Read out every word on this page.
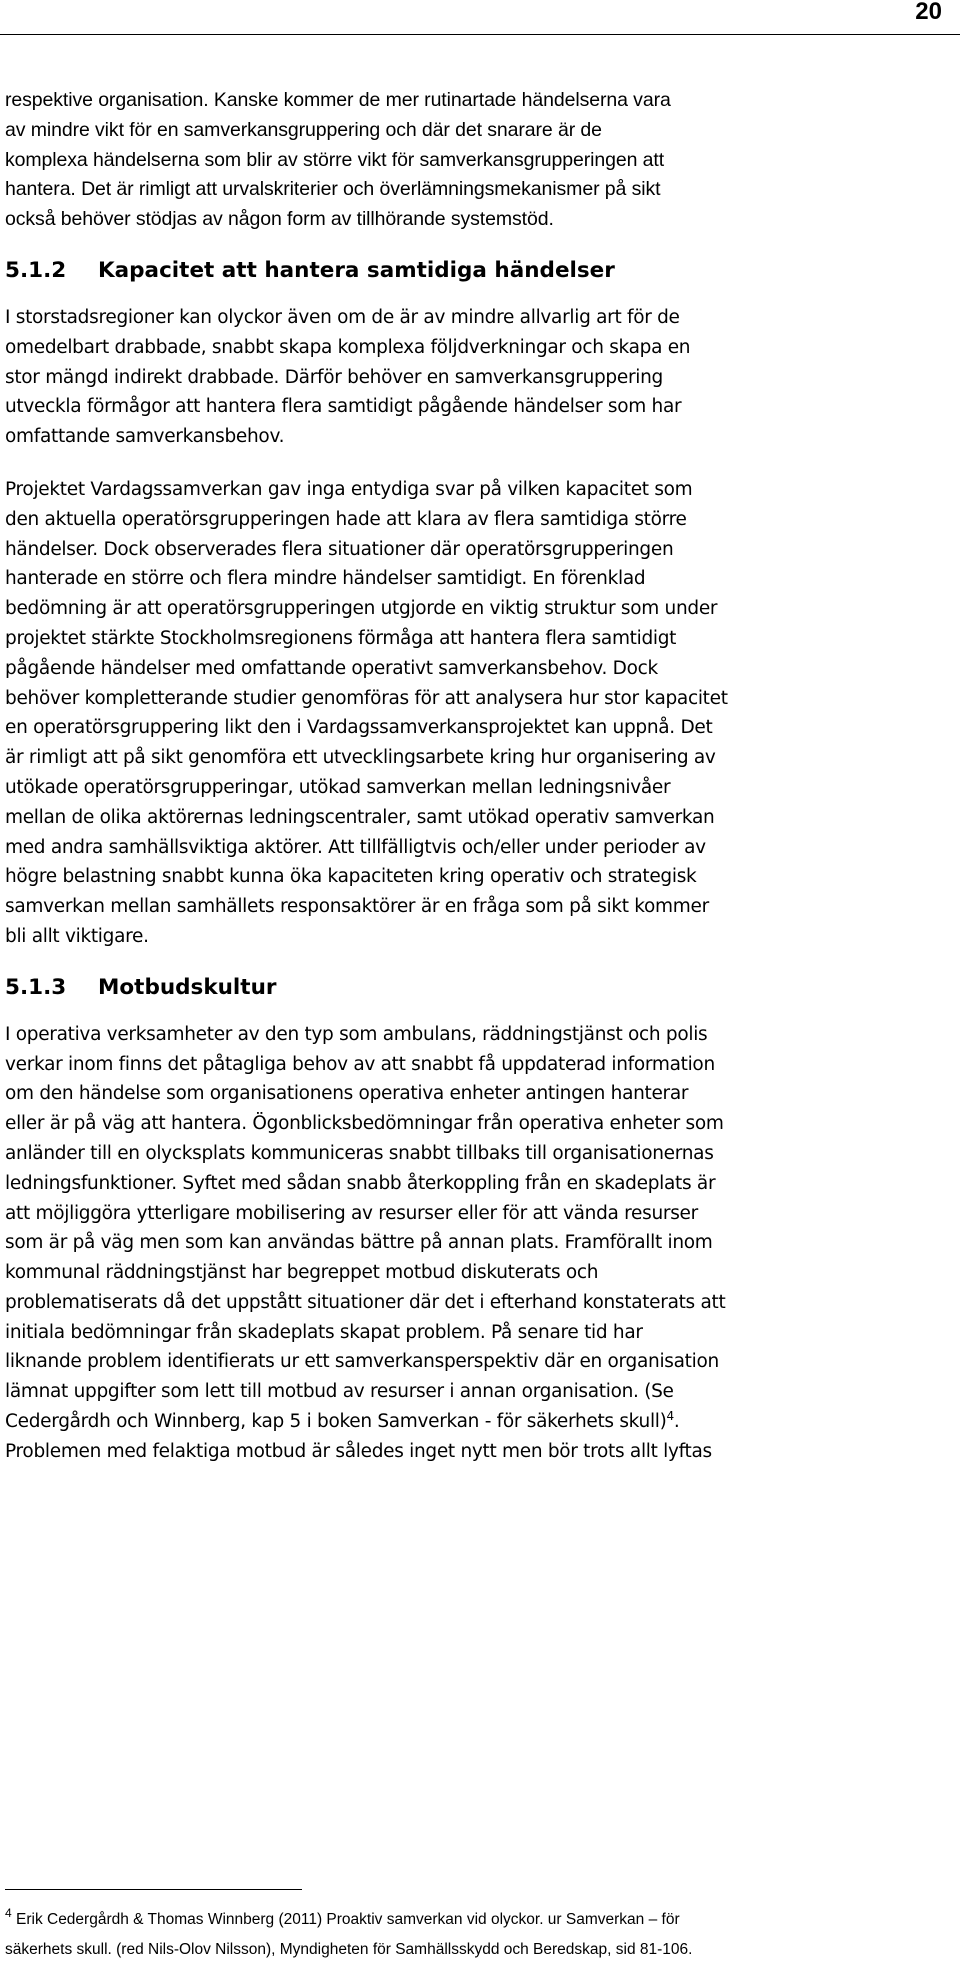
20

respektive organisation. Kanske kommer de mer rutinartade händelserna vara
av mindre vikt för en samverkansgruppering och där det snarare är de
komplexa händelserna som blir av större vikt för samverkansgrupperingen att
hantera. Det är rimligt att urvalskriterier och överlämningsmekanismer på sikt
också behöver stödjas av någon form av tillhörande systemstöd.

5.1.2 Kapacitet att hantera samtidiga händelser

I storstadsregioner kan olyckor även om de är av mindre allvarlig art för de
omedelbart drabbade, snabbt skapa komplexa följdverkningar och skapa en
stor mängd indirekt drabbade. Därför behöver en samverkansgruppering
utveckla förmågor att hantera flera samtidigt pågående händelser som har
omfattande samverkansbehov.

Projektet Vardagssamverkan gav inga entydiga svar på vilken kapacitet som
den aktuella operatörsgrupperingen hade att klara av flera samtidiga större
händelser. Dock observerades flera situationer där operatörsgrupperingen
hanterade en större och flera mindre händelser samtidigt. En förenklad
bedömning är att operatörsgrupperingen utgjorde en viktig struktur som under
projektet stärkte Stockholmsregionens förmåga att hantera flera samtidigt
pågående händelser med omfattande operativt samverkansbehov. Dock
behöver kompletterande studier genomföras för att analysera hur stor kapacitet
en operatörsgruppering likt den i Vardagssamverkansprojektet kan uppnå. Det
är rimligt att på sikt genomföra ett utvecklingsarbete kring hur organisering av
utökade operatörsgrupperingar, utökad samverkan mellan ledningsnivåer
mellan de olika aktörernas ledningscentraler, samt utökad operativ samverkan
med andra samhällsviktiga aktörer. Att tillfälligtvis och/eller under perioder av
högre belastning snabbt kunna öka kapaciteten kring operativ och strategisk
samverkan mellan samhällets responsaktörer är en fråga som på sikt kommer
bli allt viktigare.

5.1.3 Motbudskultur

I operativa verksamheter av den typ som ambulans, räddningstjänst och polis
verkar inom finns det påtagliga behov av att snabbt få uppdaterad information
om den händelse som organisationens operativa enheter antingen hanterar
eller är på väg att hantera. Ögonblicksbedömningar från operativa enheter som
anländer till en olycksplats kommuniceras snabbt tillbaks till organisationernas
ledningsfunktioner. Syftet med sådan snabb återkoppling från en skadeplats är
att möjliggöra ytterligare mobilisering av resurser eller för att vända resurser
som är på väg men som kan användas bättre på annan plats. Framförallt inom
kommunal räddningstjänst har begreppet motbud diskuterats och
problematiserats då det uppstått situationer där det i efterhand konstaterats att
initiala bedömningar från skadeplats skapat problem. På senare tid har
liknande problem identifierats ur ett samverkansperspektiv där en organisation
lämnat uppgifter som lett till motbud av resurser i annan organisation. (Se
Cedergårdh och Winnberg, kap 5 i boken Samverkan - för säkerhets skull)$^4$.
Problemen med felaktiga motbud är således inget nytt men bör trots allt lyftas

$^4$ Erik Cedergårdh & Thomas Winnberg (2011) Proaktiv samverkan vid olyckor. ur Samverkan – för
säkerhets skull. (red Nils-Olov Nilsson), Myndigheten för Samhällsskydd och Beredskap, sid 81-106.
